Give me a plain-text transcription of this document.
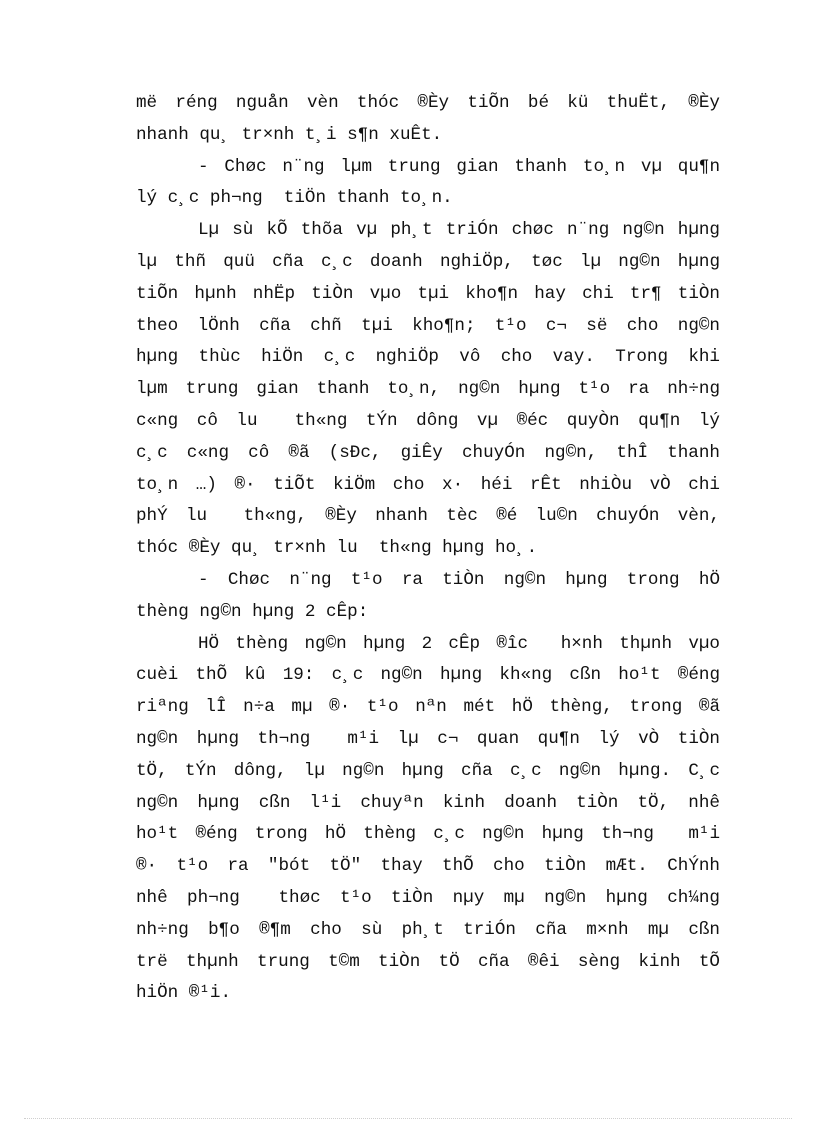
më réng nguån vèn thóc ®Èy tiÕn bé kü thuËt, ®Èy
nhanh qu¸ tr×nh t¸i s¶n xuÊt.
- Chøc n¨ng lµm trung gian thanh to¸n vµ qu¶n
lý c¸c ph¬ng  tiÖn thanh to¸n.
Lµ sù kÕ thõa vµ ph¸t triÓn chøc n¨ng ng©n hµng
lµ thñ quü cña c¸c doanh nghiÖp, tøc lµ ng©n hµng
tiÕn hµnh nhËp tiÒn vµo tµi kho¶n hay chi tr¶ tiÒn
theo lÖnh cña chñ tµi kho¶n; t¹o c¬ së cho ng©n
hµng thùc hiÖn c¸c nghiÖp vô cho vay. Trong khi
lµm trung gian thanh to¸n, ng©n hµng t¹o ra nh÷ng
c«ng cô lu  th«ng tÝn dông vµ ®éc quyÒn qu¶n lý
c¸c c«ng cô ®ã (sÐc, giÊy chuyÓn ng©n, thÎ thanh
to¸n …) ®· tiÕt kiÖm cho x· héi rÊt nhiÒu vÒ chi
phÝ lu  th«ng, ®Èy nhanh tèc ®é lu©n chuyÓn vèn,
thóc ®Èy qu¸ tr×nh lu  th«ng hµng ho¸.
- Chøc n¨ng t¹o ra tiÒn ng©n hµng trong hÖ
thèng ng©n hµng 2 cÊp:
HÖ thèng ng©n hµng 2 cÊp ®îc  h×nh thµnh vµo
cuèi thÕ kû 19: c¸c ng©n hµng kh«ng cßn ho¹t ®éng
riªng lÎ n÷a mµ ®· t¹o nªn mét hÖ thèng, trong ®ã
ng©n hµng th¬ng  m¹i lµ c¬ quan qu¶n lý vÒ tiÒn
tÖ, tÝn dông, lµ ng©n hµng cña c¸c ng©n hµng. C¸c
ng©n hµng cßn l¹i chuyªn kinh doanh tiÒn tÖ, nhê
ho¹t ®éng trong hÖ thèng c¸c ng©n hµng th¬ng  m¹i
®· t¹o ra "bót tÖ" thay thÕ cho tiÒn mÆt. ChÝnh
nhê ph¬ng  thøc t¹o tiÒn nµy mµ ng©n hµng ch¼ng
nh÷ng b¶o ®¶m cho sù ph¸t triÓn cña m×nh mµ cßn
trë thµnh trung t©m tiÒn tÖ cña ®êi sèng kinh tÕ
hiÖn ®¹i.
